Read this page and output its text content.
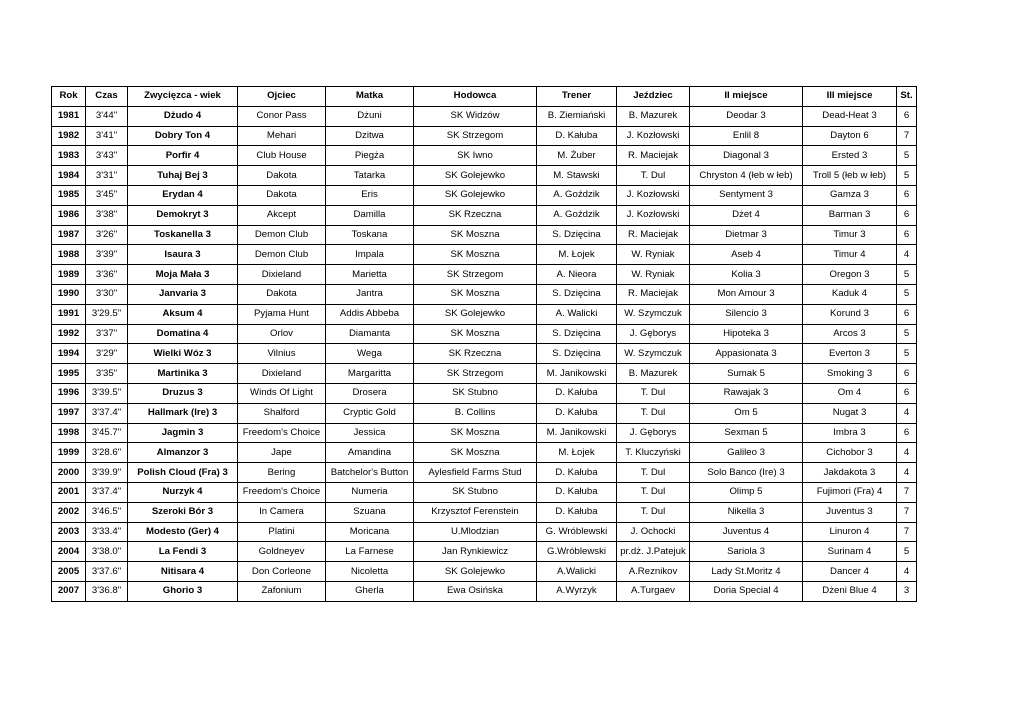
Rok	Czas	Zwycięzca - wiek	Ojciec	Matka	Hodowca	Trener	Jeździec	II miejsce	III miejsce	St.
1981	3'44"	Dżudo 4	Conor Pass	Dżuni	SK Widzów	B. Ziemiański	B. Mazurek	Deodar 3	Dead-Heat 3	6
1982	3'41"	Dobry Ton 4	Mehari	Dzitwa	SK Strzegom	D. Kałuba	J. Kozłowski	Enlil 8	Dayton 6	7
1983	3'43"	Porfir 4	Club House	Piegża	SK Iwno	M. Żuber	R. Maciejak	Diagonal 3	Ersted 3	5
1984	3'31"	Tuhaj Bej 3	Dakota	Tatarka	SK Golejewko	M. Stawski	T. Dul	Chryston 4 (łeb w łeb)	Troll 5 (łeb w łeb)	5
1985	3'45"	Erydan 4	Dakota	Eris	SK Golejewko	A. Goździk	J. Kozłowski	Sentyment 3	Gamza 3	6
1986	3'38"	Demokryt 3	Akcept	Damilla	SK Rzeczna	A. Goździk	J. Kozłowski	Dżet 4	Barman 3	6
1987	3'26"	Toskanella 3	Demon Club	Toskana	SK Moszna	S. Dzięcina	R. Maciejak	Dietmar 3	Timur 3	6
1988	3'39"	Isaura 3	Demon Club	Impala	SK Moszna	M. Łojek	W. Ryniak	Aseb 4	Timur 4	4
1989	3'36"	Moja Mała 3	Dixieland	Marietta	SK Strzegom	A. Nieora	W. Ryniak	Kolia 3	Oregon 3	5
1990	3'30"	Janvaria 3	Dakota	Jantra	SK Moszna	S. Dzięcina	R. Maciejak	Mon Amour 3	Kaduk 4	5
1991	3'29.5"	Aksum 4	Pyjama Hunt	Addis Abbeba	SK Golejewko	A. Walicki	W. Szymczuk	Silencio 3	Korund 3	6
1992	3'37"	Domatina 4	Orlov	Diamanta	SK Moszna	S. Dzięcina	J. Gęborys	Hipoteka 3	Arcos 3	5
1994	3'29"	Wielki Wóz 3	Vilnius	Wega	SK Rzeczna	S. Dzięcina	W. Szymczuk	Appasionata 3	Everton 3	5
1995	3'35"	Martinika 3	Dixieland	Margaritta	SK Strzegom	M. Janikowski	B. Mazurek	Sumak 5	Smoking 3	6
1996	3'39.5"	Druzus 3	Winds Of Light	Drosera	SK Stubno	D. Kałuba	T. Dul	Rawajak 3	Om 4	6
1997	3'37.4"	Hallmark (Ire) 3	Shalford	Cryptic Gold	B. Collins	D. Kałuba	T. Dul	Om 5	Nugat 3	4
1998	3'45.7"	Jagmin 3	Freedom's Choice	Jessica	SK Moszna	M. Janikowski	J. Gęborys	Sexman 5	Imbra 3	6
1999	3'28.6"	Almanzor 3	Jape	Amandina	SK Moszna	M. Łojek	T. Kluczyński	Galileo 3	Cichobor 3	4
2000	3'39.9"	Polish Cloud (Fra) 3	Bering	Batchelor's Button	Aylesfield Farms Stud	D. Kałuba	T. Dul	Solo Banco (Ire) 3	Jakdakota 3	4
2001	3'37.4"	Nurzyk 4	Freedom's Choice	Numeria	SK Stubno	D. Kałuba	T. Dul	Olimp 5	Fujimori (Fra) 4	7
2002	3'46.5"	Szeroki Bór 3	In Camera	Szuana	Krzysztof Ferenstein	D. Kałuba	T. Dul	Nikella 3	Juventus 3	7
2003	3'33.4"	Modesto (Ger) 4	Platini	Moricana	U.Mlodzian	G. Wróblewski	J. Ochocki	Juventus 4	Linuron 4	7
2004	3'38.0"	La Fendi 3	Goldneyev	La Farnese	Jan Rynkiewicz	G.Wróblewski	pr.dż. J.Patejuk	Sariola 3	Surinam 4	5
2005	3'37.6"	Nitisara 4	Don Corleone	Nicoletta	SK Golejewko	A.Walicki	A.Reznikov	Lady St.Moritz 4	Dancer 4	4
2007	3'36.8"	Ghorio 3	Zafonium	Gherla	Ewa Osińska	A.Wyrzyk	A.Turgaev	Doria Special 4	Dżeni Blue 4	3
